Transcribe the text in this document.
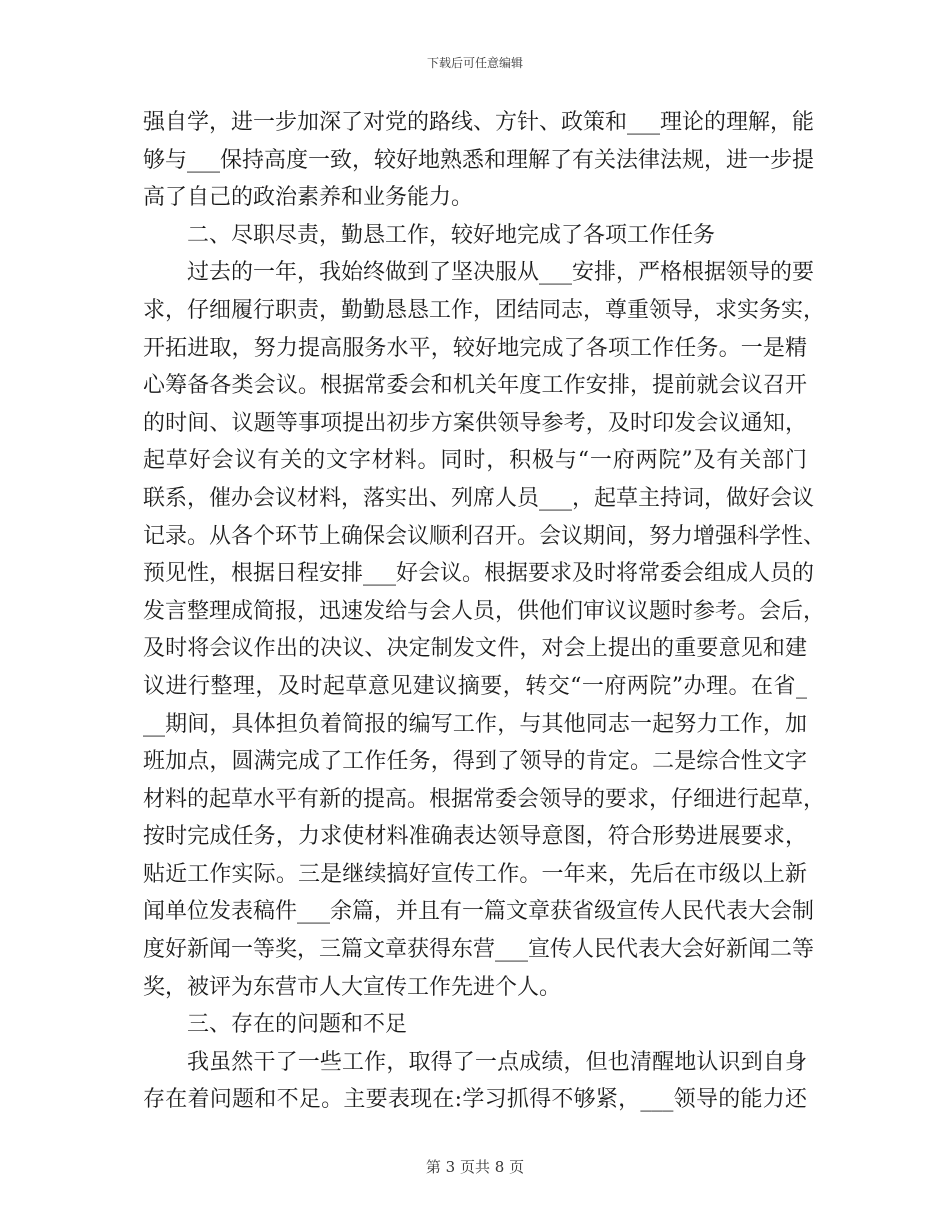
下载后可任意编辑
强自学，进一步加深了对党的路线、方针、政策和___理论的理解，能
够与___保持高度一致，较好地熟悉和理解了有关法律法规，进一步提
高了自己的政治素养和业务能力。
二、尽职尽责，勤恳工作，较好地完成了各项工作任务
过去的一年，我始终做到了坚决服从___安排，严格根据领导的要
求，仔细履行职责，勤勤恳恳工作，团结同志，尊重领导，求实务实，
开拓进取，努力提高服务水平，较好地完成了各项工作任务。一是精
心筹备各类会议。根据常委会和机关年度工作安排，提前就会议召开
的时间、议题等事项提出初步方案供领导参考，及时印发会议通知，
起草好会议有关的文字材料。同时，积极与“一府两院”及有关部门
联系，催办会议材料，落实出、列席人员___，起草主持词，做好会议
记录。从各个环节上确保会议顺利召开。会议期间，努力增强科学性、
预见性，根据日程安排___好会议。根据要求及时将常委会组成人员的
发言整理成简报，迅速发给与会人员，供他们审议议题时参考。会后，
及时将会议作出的决议、决定制发文件，对会上提出的重要意见和建
议进行整理，及时起草意见建议摘要，转交“一府两院”办理。在省_
__期间，具体担负着简报的编写工作，与其他同志一起努力工作，加
班加点，圆满完成了工作任务，得到了领导的肯定。二是综合性文字
材料的起草水平有新的提高。根据常委会领导的要求，仔细进行起草，
按时完成任务，力求使材料准确表达领导意图，符合形势进展要求，
贴近工作实际。三是继续搞好宣传工作。一年来，先后在市级以上新
闻单位发表稿件___余篇，并且有一篇文章获省级宣传人民代表大会制
度好新闻一等奖，三篇文章获得东营___宣传人民代表大会好新闻二等
奖，被评为东营市人大宣传工作先进个人。
三、存在的问题和不足
我虽然干了一些工作，取得了一点成绩，但也清醒地认识到自身
存在着问题和不足。主要表现在:学习抓得不够紧，___领导的能力还
第 3 页共 8 页
